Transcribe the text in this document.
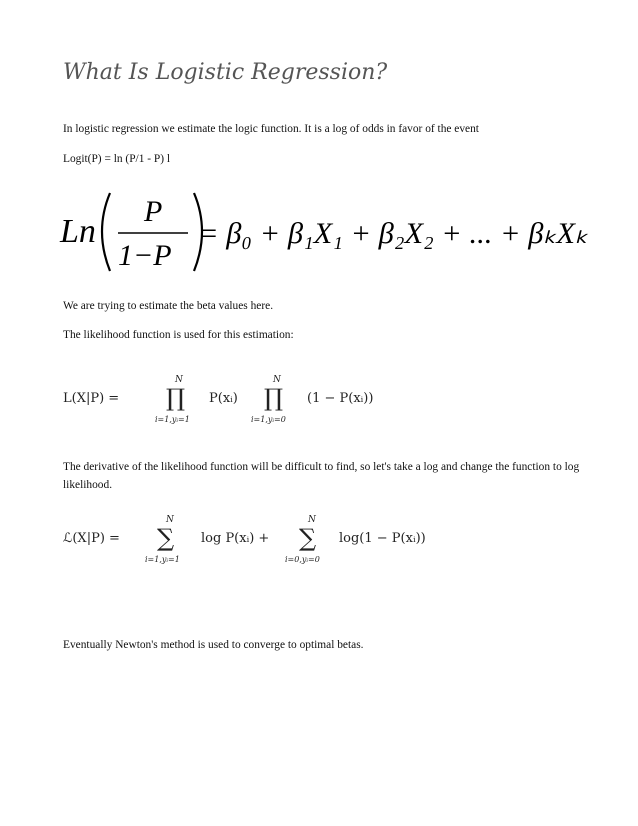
What Is Logistic Regression?
In logistic regression we estimate the logic function. It is a log of odds in favor of the event
Logit(P) = ln (P/1 - P) l
Ln
P
1−P
= β₀ + β₁X₁ + β₂X₂ + ... + βₖXₖ
We are trying to estimate the beta values here.
The likelihood function is used for this estimation:
L(X|P) =
N
∏
i=1,yᵢ=1
P(xᵢ)
N
∏
i=1,yᵢ=0
(1 − P(xᵢ))
The derivative of the likelihood function will be difficult to find, so let's take a log and change the function to log likelihood.
ℒ(X|P) =
N
∑
i=1,yᵢ=1
log P(xᵢ) +
N
∑
i=0,yᵢ=0
log(1 − P(xᵢ))
Eventually Newton's method is used to converge to optimal betas.
